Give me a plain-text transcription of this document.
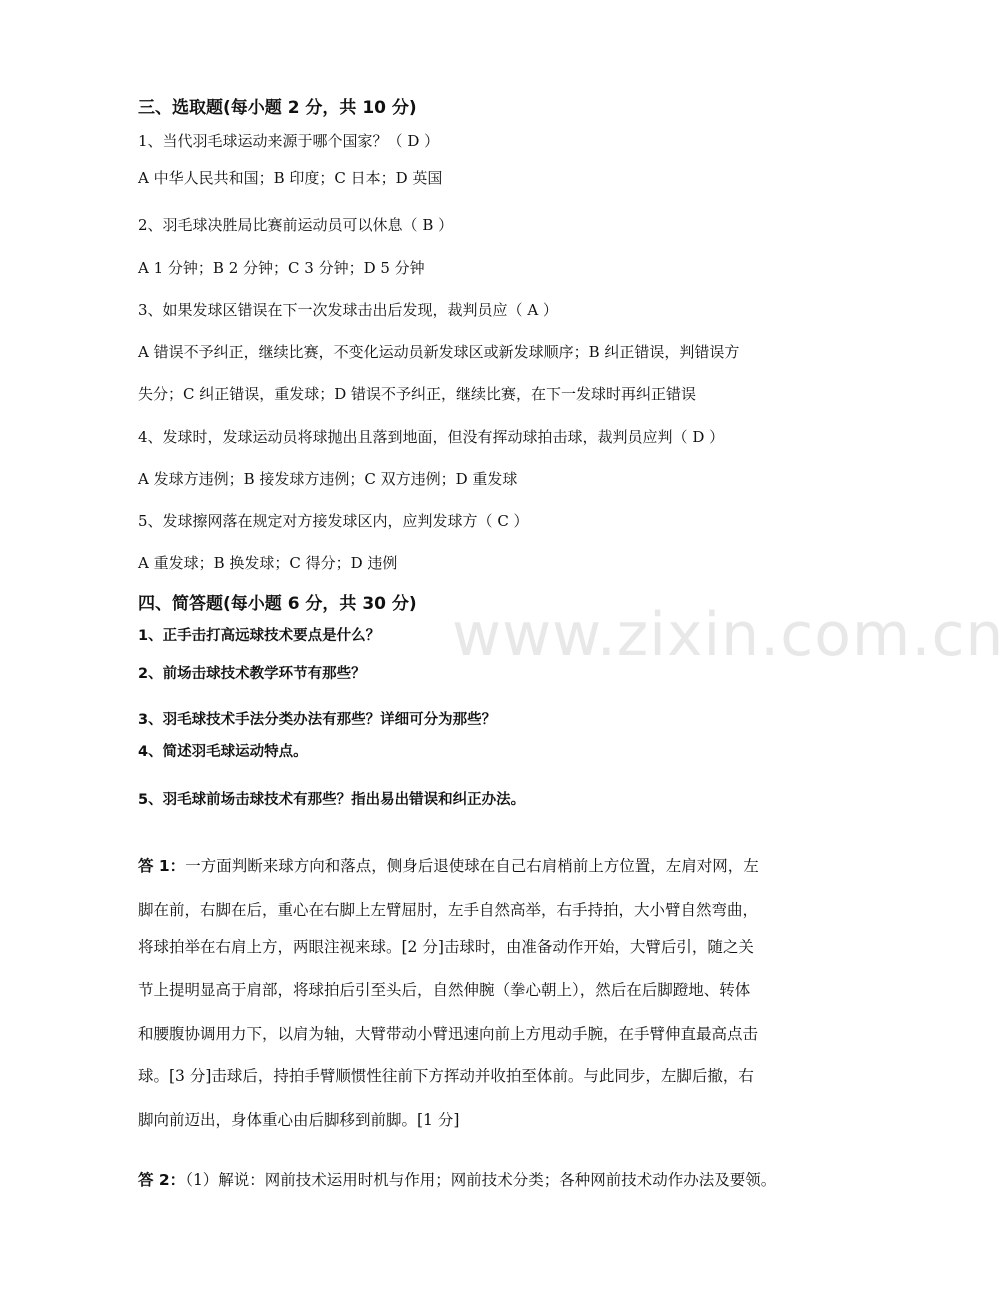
三、选取题(每小题 2 分，共 10 分)
1、当代羽毛球运动来源于哪个国家？（ D ）
A 中华人民共和国；B 印度；C 日本；D 英国
2、羽毛球决胜局比赛前运动员可以休息（ B ）
A 1 分钟；B 2 分钟；C 3 分钟；D 5 分钟
3、如果发球区错误在下一次发球击出后发现，裁判员应（ A ）
A 错误不予纠正，继续比赛，不变化运动员新发球区或新发球顺序；B 纠正错误，判错误方
失分；C 纠正错误，重发球；D 错误不予纠正，继续比赛，在下一发球时再纠正错误
4、发球时，发球运动员将球抛出且落到地面，但没有挥动球拍击球，裁判员应判（ D ）
A 发球方违例；B 接发球方违例；C 双方违例；D 重发球
5、发球擦网落在规定对方接发球区内，应判发球方（ C ）
A 重发球；B 换发球；C 得分；D 违例
四、简答题(每小题 6 分，共 30 分)
1、正手击打高远球技术要点是什么？
2、前场击球技术教学环节有那些？
3、羽毛球技术手法分类办法有那些？详细可分为那些？
4、简述羽毛球运动特点。
5、羽毛球前场击球技术有那些？指出易出错误和纠正办法。
答 1：一方面判断来球方向和落点，侧身后退使球在自己右肩梢前上方位置，左肩对网，左
脚在前，右脚在后，重心在右脚上左臂屈肘，左手自然高举，右手持拍，大小臂自然弯曲，
将球拍举在右肩上方，两眼注视来球。[2 分]击球时，由准备动作开始，大臂后引，随之关
节上提明显高于肩部，将球拍后引至头后，自然伸腕（拳心朝上），然后在后脚蹬地、转体
和腰腹协调用力下，以肩为轴，大臂带动小臂迅速向前上方甩动手腕，在手臂伸直最高点击
球。[3 分]击球后，持拍手臂顺惯性往前下方挥动并收拍至体前。与此同步，左脚后撤，右
脚向前迈出，身体重心由后脚移到前脚。[1 分]
答 2：（1）解说：网前技术运用时机与作用；网前技术分类；各种网前技术动作办法及要领。
www.zixin.com.cn
